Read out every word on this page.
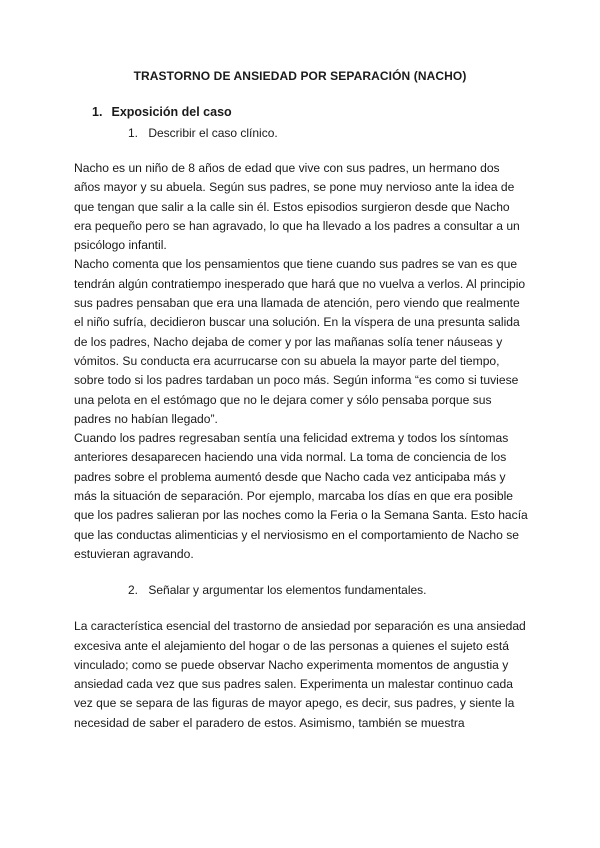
TRASTORNO DE ANSIEDAD POR SEPARACIÓN (NACHO)
1. Exposición del caso
1. Describir el caso clínico.
Nacho es un niño de 8 años de edad que vive con sus padres, un hermano dos
años mayor y su abuela. Según sus padres, se pone muy nervioso ante la idea de
que tengan que salir a la calle sin él. Estos episodios surgieron desde que Nacho
era pequeño pero se han agravado, lo que ha llevado a los padres a consultar a un
psicólogo infantil.
Nacho comenta que los pensamientos que tiene cuando sus padres se van es que
tendrán algún contratiempo inesperado que hará que no vuelva a verlos. Al principio
sus padres pensaban que era una llamada de atención, pero viendo que realmente
el niño sufría, decidieron buscar una solución. En la víspera de una presunta salida
de los padres, Nacho dejaba de comer y por las mañanas solía tener náuseas y
vómitos. Su conducta era acurrucarse con su abuela la mayor parte del tiempo,
sobre todo si los padres tardaban un poco más. Según informa “es como si tuviese
una pelota en el estómago que no le dejara comer y sólo pensaba porque sus
padres no habían llegado”.
Cuando los padres regresaban sentía una felicidad extrema y todos los síntomas
anteriores desaparecen haciendo una vida normal. La toma de conciencia de los
padres sobre el problema aumentó desde que Nacho cada vez anticipaba más y
más la situación de separación. Por ejemplo, marcaba los días en que era posible
que los padres salieran por las noches como la Feria o la Semana Santa. Esto hacía
que las conductas alimenticias y el nerviosismo en el comportamiento de Nacho se
estuvieran agravando.
2. Señalar y argumentar los elementos fundamentales.
La característica esencial del trastorno de ansiedad por separación es una ansiedad
excesiva ante el alejamiento del hogar o de las personas a quienes el sujeto está
vinculado; como se puede observar Nacho experimenta momentos de angustia y
ansiedad cada vez que sus padres salen. Experimenta un malestar continuo cada
vez que se separa de las figuras de mayor apego, es decir, sus padres, y siente la
necesidad de saber el paradero de estos. Asimismo, también se muestra
